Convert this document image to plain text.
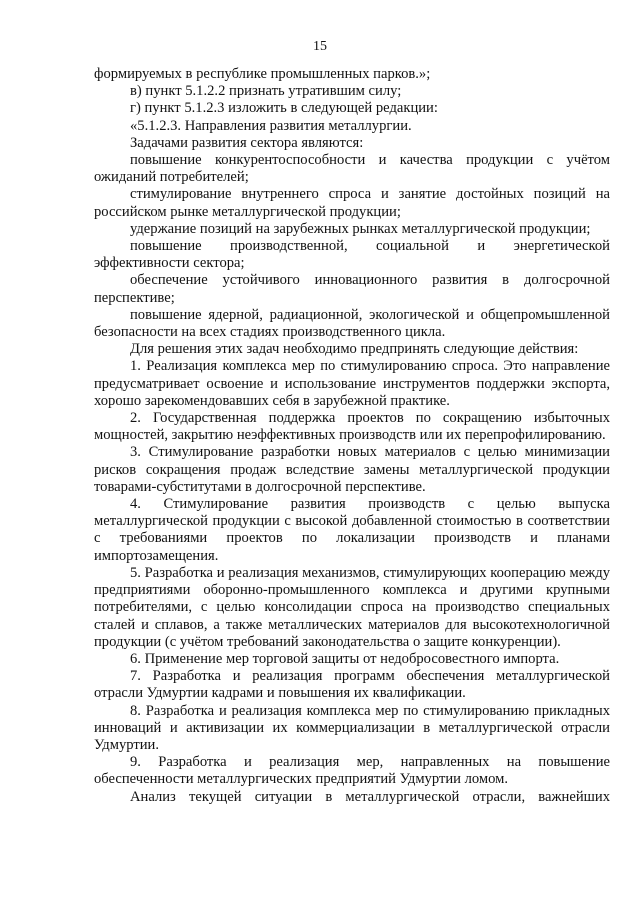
15

формируемых в республике промышленных парков.»;

в) пункт 5.1.2.2 признать утратившим силу;

г) пункт 5.1.2.3 изложить в следующей редакции:

«5.1.2.3. Направления развития металлургии.

Задачами развития сектора являются:

повышение конкурентоспособности и качества продукции с учётом ожиданий потребителей;

стимулирование внутреннего спроса и занятие достойных позиций на российском рынке металлургической продукции;

удержание позиций на зарубежных рынках металлургической продукции;

повышение производственной, социальной и энергетической эффективности сектора;

обеспечение устойчивого инновационного развития в долгосрочной перспективе;

повышение ядерной, радиационной, экологической и общепромышленной безопасности на всех стадиях производственного цикла.

Для решения этих задач необходимо предпринять следующие действия:

1. Реализация комплекса мер по стимулированию спроса. Это направление предусматривает освоение и использование инструментов поддержки экспорта, хорошо зарекомендовавших себя в зарубежной практике.

2. Государственная поддержка проектов по сокращению избыточных мощностей, закрытию неэффективных производств или их перепрофилированию.

3. Стимулирование разработки новых материалов с целью минимизации рисков сокращения продаж вследствие замены металлургической продукции товарами-субститутами в долгосрочной перспективе.

4. Стимулирование развития производств с целью выпуска металлургической продукции с высокой добавленной стоимостью в соответствии с требованиями проектов по локализации производств и планами импортозамещения.

5. Разработка и реализация механизмов, стимулирующих кооперацию между предприятиями оборонно-промышленного комплекса и другими крупными потребителями, с целью консолидации спроса на производство специальных сталей и сплавов, а также металлических материалов для высокотехнологичной продукции (с учётом требований законодательства о защите конкуренции).

6. Применение мер торговой защиты от недобросовестного импорта.

7. Разработка и реализация программ обеспечения металлургической отрасли Удмуртии кадрами и повышения их квалификации.

8. Разработка и реализация комплекса мер по стимулированию прикладных инноваций и активизации их коммерциализации в металлургической отрасли Удмуртии.

9. Разработка и реализация мер, направленных на повышение обеспеченности металлургических предприятий Удмуртии ломом.

Анализ текущей ситуации в металлургической отрасли, важнейших
